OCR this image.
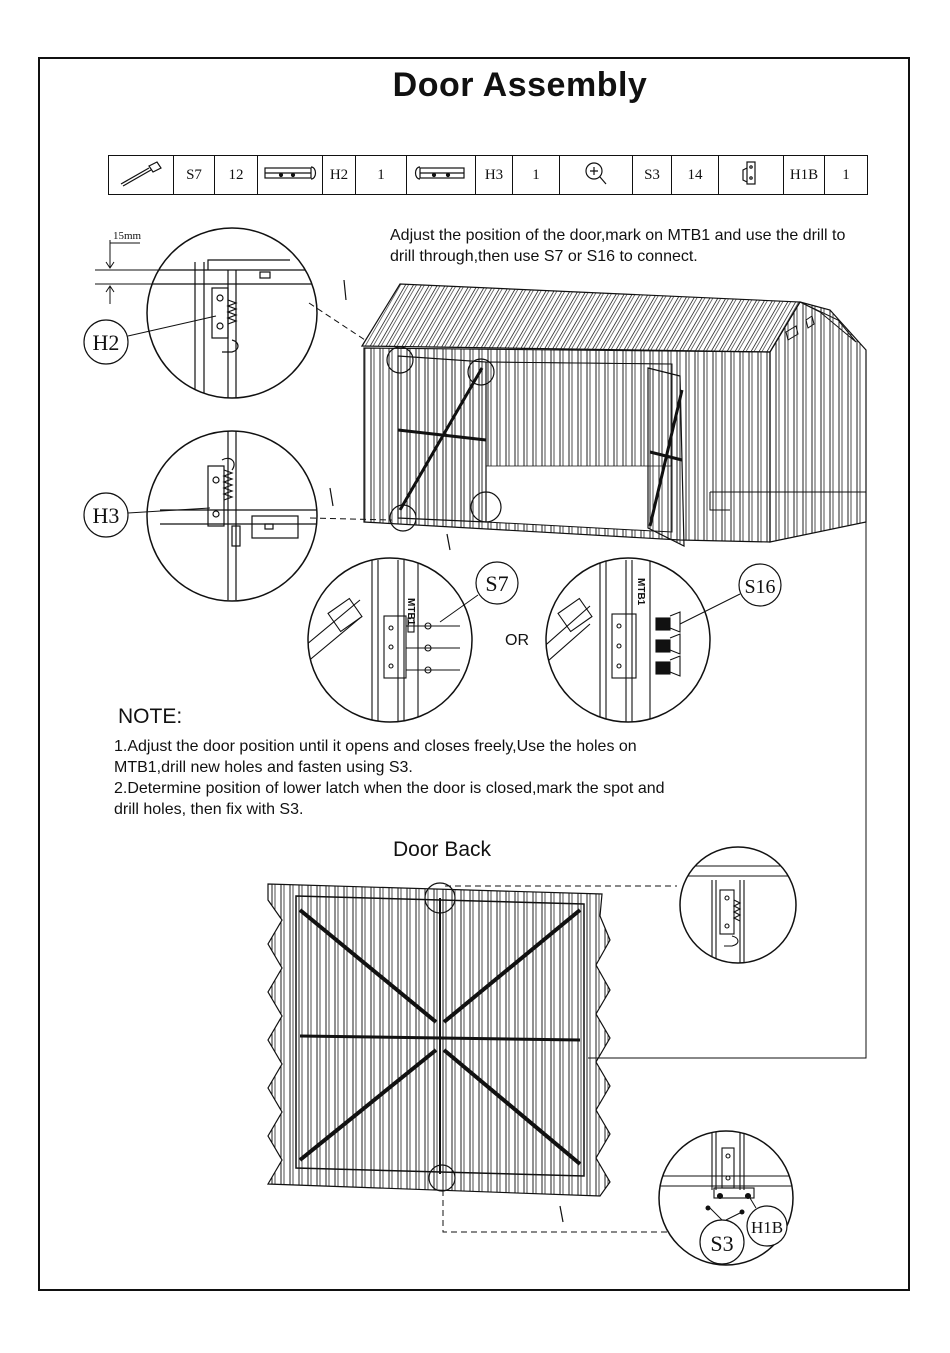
Door Assembly
	S7	12		H2	1		H3	1		S3	14		H1B	1
Adjust the position of the door,mark on MTB1 and use the drill to drill through,then use S7 or S16 to connect.
15mm
H2
H3
MTB1
S7	MTB1	S16
S3
H1B
OR
NOTE:

1.Adjust the door position until it opens and closes freely,Use the holes on MTB1,drill new holes and fasten using S3.

2.Determine position of lower latch when the door is closed,mark the spot and drill holes, then fix with S3.

Door Back
